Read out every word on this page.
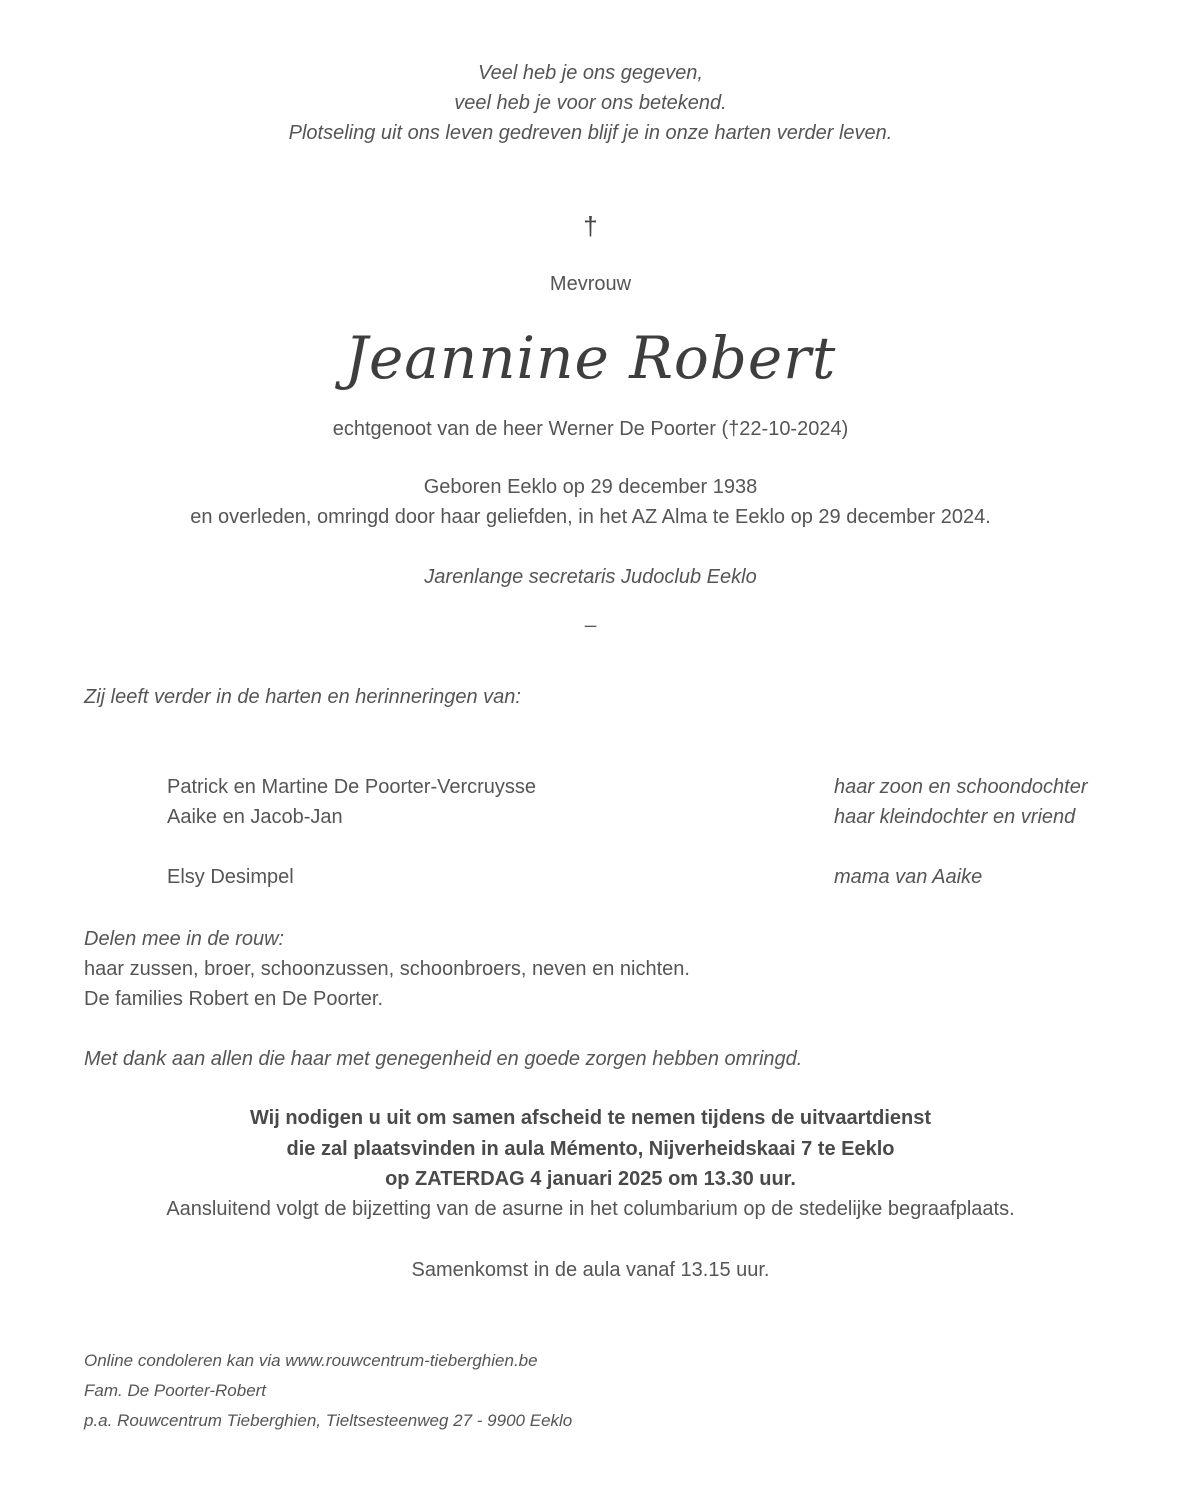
Veel heb je ons gegeven,
veel heb je voor ons betekend.
Plotseling uit ons leven gedreven blijf je in onze harten verder leven.
†
Mevrouw
Jeannine Robert
echtgenoot van de heer Werner De Poorter (†22-10-2024)
Geboren Eeklo op 29 december 1938
en overleden, omringd door haar geliefden, in het AZ Alma te Eeklo op 29 december 2024.
Jarenlange secretaris Judoclub Eeklo
_
Zij leeft verder in de harten en herinneringen van:
Patrick en Martine De Poorter-Vercruysse	haar zoon en schoondochter
Aaike en Jacob-Jan	haar kleindochter en vriend
Elsy Desimpel	mama van Aaike
Delen mee in de rouw:
haar zussen, broer, schoonzussen, schoonbroers, neven en nichten.
De families Robert en De Poorter.
Met dank aan allen die haar met genegenheid en goede zorgen hebben omringd.
Wij nodigen u uit om samen afscheid te nemen tijdens de uitvaartdienst
die zal plaatsvinden in aula Mémento, Nijverheidskaai 7 te Eeklo
op ZATERDAG 4 januari 2025 om 13.30 uur.
Aansluitend volgt de bijzetting van de asurne in het columbarium op de stedelijke begraafplaats.
Samenkomst in de aula vanaf 13.15 uur.
Online condoleren kan via www.rouwcentrum-tieberghien.be
Fam. De Poorter-Robert
p.a. Rouwcentrum Tieberghien, Tieltsesteenweg 27 - 9900 Eeklo
